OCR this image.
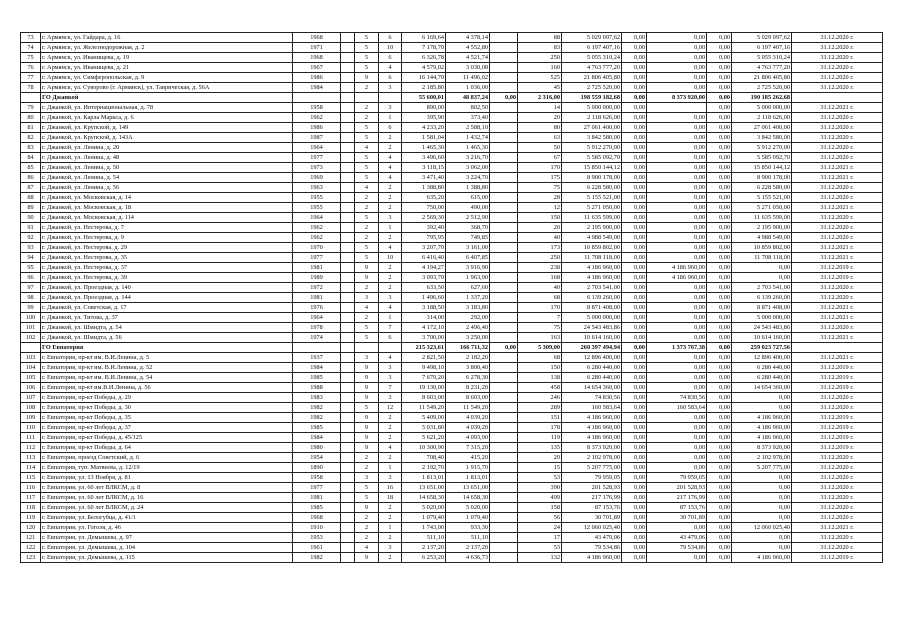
73	г. Армянск, ул. Гайдара, д. 16	1968		5	6	6 169,64	4 378,14		88	5 029 097,62	0,00	0,00	0,00	5 029 097,62	31.12.2020 г.
74	г. Армянск, ул. Железнодорожная, д. 2	1971		5	10	7 178,70	4 552,80		83	6 197 407,16	0,00	0,00	0,00	6 197 407,16	31.12.2020 г.
75	г. Армянск, ул. Иванищева, д. 19	1968		5	6	6 326,78	4 521,74		250	5 055 310,24	0,00	0,00	0,00	5 055 310,24	31.12.2020 г.
76	г. Армянск, ул. Иванищева, д. 21	1967		5	4	4 579,02	3 030,08		160	4 763 777,20	0,00	0,00	0,00	4 763 777,20	31.12.2020 г.
77	г. Армянск, ул. Симферопольская, д. 9	1986		9	6	16 144,70	11 496,02		525	21 806 405,80	0,00	0,00	0,00	21 806 405,80	31.12.2020 г.
78	г. Армянск, ул. Суворово (г. Армянск), ул. Таврическая, д. 56А	1984		2	3	2 185,80	1 036,00		45	2 725 520,00	0,00	0,00	0,00	2 725 520,00	31.12.2020 г.
	ГО Джанкой					55 600,01	48 837,24	0,00	2 316,00	198 559 182,68	0,00	8 373 920,00	0,00	190 185 262,68	
79	г. Джанкой, ул. Интернациональная, д. 78	1958		2	3	890,00	802,50		14	5 000 000,00	0,00		0,00	5 000 000,00	31.12.2021 г.
80	г. Джанкой, ул. Карла Маркса, д. 6	1962		2	1	395,90	373,40		20	2 118 626,00	0,00	0,00	0,00	2 118 626,00	31.12.2020 г.
81	г. Джанкой, ул. Крупской, д. 149	1986		5	6	4 233,20	2 588,10		80	27 061 400,00	0,00	0,00	0,00	27 061 400,00	31.12.2020 г.
82	г. Джанкой, ул. Крупской, д. 143А	1987		5	2	1 581,04	1 432,74		63	3 842 580,00	0,00	0,00	0,00	3 842 580,00	31.12.2020 г.
83	г. Джанкой, ул. Ленина, д. 20	1964		4	2	1 465,30	1 465,30		50	5 912 270,00	0,00	0,00	0,00	5 912 270,00	31.12.2020 г.
84	г. Джанкой, ул. Ленина, д. 48	1977		5	4	3 496,60	3 216,70		67	5 585 092,70	0,00	0,00	0,00	5 585 092,70	31.12.2020 г.
85	г. Джанкой, ул. Ленина, д. 50	1973		5	4	3 118,15	3 062,00		170	15 850 144,12	0,00	0,00	0,00	15 850 144,12	31.12.2021 г.
86	г. Джанкой, ул. Ленина, д. 54	1969		5	4	3 471,40	3 224,70		175	8 900 178,00	0,00	0,00	0,00	8 900 178,00	31.12.2021 г.
87	г. Джанкой, ул. Ленина, д. 56	1963		4	2	1 388,80	1 388,80		75	6 228 580,00	0,00	0,00	0,00	6 228 580,00	31.12.2020 г.
88	г. Джанкой, ул. Московская, д. 14	1955		2	2	635,20	615,00		28	5 155 521,00	0,00	0,00	0,00	5 155 521,00	31.12.2020 г.
89	г. Джанкой, ул. Московская, д. 18	1955		2	2	750,00	490,00		12	5 271 050,00	0,00	0,00	0,00	5 271 050,00	31.12.2021 г.
90	г. Джанкой, ул. Московская, д. 114	1964		5	3	2 569,30	2 512,90		150	11 635 599,00	0,00	0,00	0,00	11 635 599,00	31.12.2020 г.
91	г. Джанкой, ул. Нестерова, д. 7	1962		2	1	392,40	368,70		20	2 195 900,00	0,00	0,00	0,00	2 195 900,00	31.12.2020 г.
92	г. Джанкой, ул. Нестерова, д. 9	1962		2	2	795,95	749,85		40	4 988 549,00	0,00	0,00	0,00	4 988 549,00	31.12.2020 г.
93	г. Джанкой, ул. Нестерова, д. 29	1970		5	4	3 207,70	3 161,00		173	10 859 802,00	0,00	0,00	0,00	10 859 802,00	31.12.2021 г.
94	г. Джанкой, ул. Нестерова, д. 35	1977		5	10	6 416,40	6 407,85		250	11 708 118,00	0,00	0,00	0,00	11 708 118,00	31.12.2021 г.
95	г. Джанкой, ул. Нестерова, д. 37	1981		9	2	4 194,27	3 916,90		238	4 186 960,00	0,00	4 186 960,00	0,00	0,00	31.12.2019 г.
96	г. Джанкой, ул. Нестерова, д. 39	1989		9	2	3 093,70	1 963,90		168	4 186 960,00	0,00	4 186 960,00	0,00	0,00	31.12.2019 г.
97	г. Джанкой, ул. Проездная, д. 140	1972		2	2	633,50	627,60		40	2 703 541,00	0,00	0,00	0,00	2 703 541,00	31.12.2020 г.
98	г. Джанкой, ул. Проездная, д. 144	1981		3	3	1 496,60	1 337,20		68	6 139 260,00	0,00	0,00	0,00	6 139 260,00	31.12.2020 г.
99	г. Джанкой, ул. Советская, д. 17	1976		4	4	3 188,50	3 183,80		170	8 871 408,00	0,00	0,00	0,00	8 871 408,00	31.12.2021 г.
100	г. Джанкой, ул. Титова, д. 37	1964		2	1	314,00	292,00		7	5 000 000,00	0,00	0,00	0,00	5 000 000,00	31.12.2021 г.
101	г. Джанкой, ул. Шмидта, д. 54	1978		5	7	4 172,10	2 496,40		75	24 543 483,86	0,00	0,00	0,00	24 543 483,86	31.12.2020 г.
102	г. Джанкой, ул. Шмидта, д. 56	1974		5	6	3 700,00	3 250,00		163	10 614 160,00	0,00	0,00	0,00	10 614 160,00	31.12.2021 г.
	ГО Евпатория					215 323,61	166 711,32	0,00	5 309,00	260 397 494,94	0,00	1 373 767,38	0,00	259 023 727,56	
103	г. Евпатория, пр-кт им. В.И.Ленина, д. 5	1937		3	4	2 821,50	2 182,20		68	12 896 400,00	0,00	0,00	0,00	12 896 400,00	31.12.2021 г.
104	г. Евпатория, пр-кт им. В.И.Ленина, д. 52	1984		9	3	9 498,10	3 800,40		150	6 280 440,00	0,00	0,00	0,00	6 280 440,00	31.12.2019 г.
105	г. Евпатория, пр-кт им. В.И.Ленина, д. 54	1985		9	3	7 670,20	6 278,30		138	6 280 440,00	0,00	0,00	0,00	6 280 440,00	31.12.2019 г.
106	г. Евпатория, пр-кт им.В.И.Ленина, д. 56	1988		9	7	19 130,00	8 231,20		458	14 654 360,00	0,00	0,00	0,00	14 654 360,00	31.12.2019 г.
107	г. Евпатория, пр-кт Победы, д. 29	1983		9	3	8 603,00	8 603,00		246	74 830,56	0,00	74 830,56	0,00	0,00	31.12.2020 г.
108	г. Евпатория, пр-кт Победы, д. 30	1982		5	12	11 549,20	11 549,20		289	160 583,64	0,00	160 583,64	0,00	0,00	31.12.2020 г.
109	г. Евпатория, пр-кт Победы, д. 35	1982		9	2	5 409,00	4 039,20		151	4 186 960,00	0,00	0,00	0,00	4 186 960,00	31.12.2019 г.
110	г. Евпатория, пр-кт Победы, д. 37	1985		9	2	5 031,80	4 039,20		178	4 186 960,00	0,00	0,00	0,00	4 186 960,00	31.12.2019 г.
111	г. Евпатория, пр-кт Победы, д. 45/125	1984		9	2	5 621,20	4 093,90		119	4 186 960,00	0,00	0,00	0,00	4 186 960,00	31.12.2019 г.
112	г. Евпатория, пр-кт Победы, д. 64	1980		9	4	10 300,90	7 315,20		135	8 373 920,00	0,00	0,00	0,00	8 373 920,00	31.12.2019 г.
113	г. Евпатория, проезд Советский, д. 6	1954		2	2	708,40	415,20		20	2 102 978,00	0,00	0,00	0,00	2 102 978,00	31.12.2020 г.
114	г. Евпатория, туп. Матвеева, д. 12/19	1890		2	1	2 192,70	1 915,70		15	5 207 775,00	0,00	0,00	0,00	5 207 775,00	31.12.2020 г.
115	г. Евпатория, ул. 13 Ноября, д. 81	1958		3	3	1 813,01	1 813,01		53	79 959,05	0,00	79 959,05	0,00	0,00	31.12.2020 г.
116	г. Евпатория, ул. 60 лет ВЛКСМ, д. 8	1977		5	16	13 651,00	13 651,00		390	201 528,93	0,00	201 528,93	0,00	0,00	31.12.2020 г.
117	г. Евпатория, ул. 60 лет ВЛКСМ, д. 16	1981		5	18	14 658,30	14 658,30		499	217 176,99	0,00	217 176,99	0,00	0,00	31.12.2020 г.
118	г. Евпатория, ул. 60 лет ВЛКСМ, д. 24	1985		9	2	5 020,00	5 020,00		158	87 153,76	0,00	87 153,76	0,00	0,00	31.12.2020 г.
119	г. Евпатория, ул. Белогубца, д. 41/1	1968		2	2	1 079,40	1 079,40		56	30 701,89	0,00	30 701,89	0,00	0,00	31.12.2020 г.
120	г. Евпатория, ул. Гоголя, д. 46	1910		2	1	1 743,00	933,30		24	12 060 025,40	0,00	0,00	0,00	12 060 025,40	31.12.2021 г.
121	г. Евпатория, ул. Демышева, д. 97	1953		2	2	511,10	511,10		17	43 479,06	0,00	43 479,06	0,00	0,00	31.12.2020 г.
122	г. Евпатория, ул. Демышева, д. 104	1961		4	3	2 137,20	2 137,20		53	79 534,86	0,00	79 534,86	0,00	0,00	31.12.2020 г.
123	г. Евпатория, ул. Демышева, д. 115	1982		9	2	6 253,20	4 636,73		132	4 186 960,00	0,00	0,00	0,00	4 186 960,00	31.12.2019 г.
